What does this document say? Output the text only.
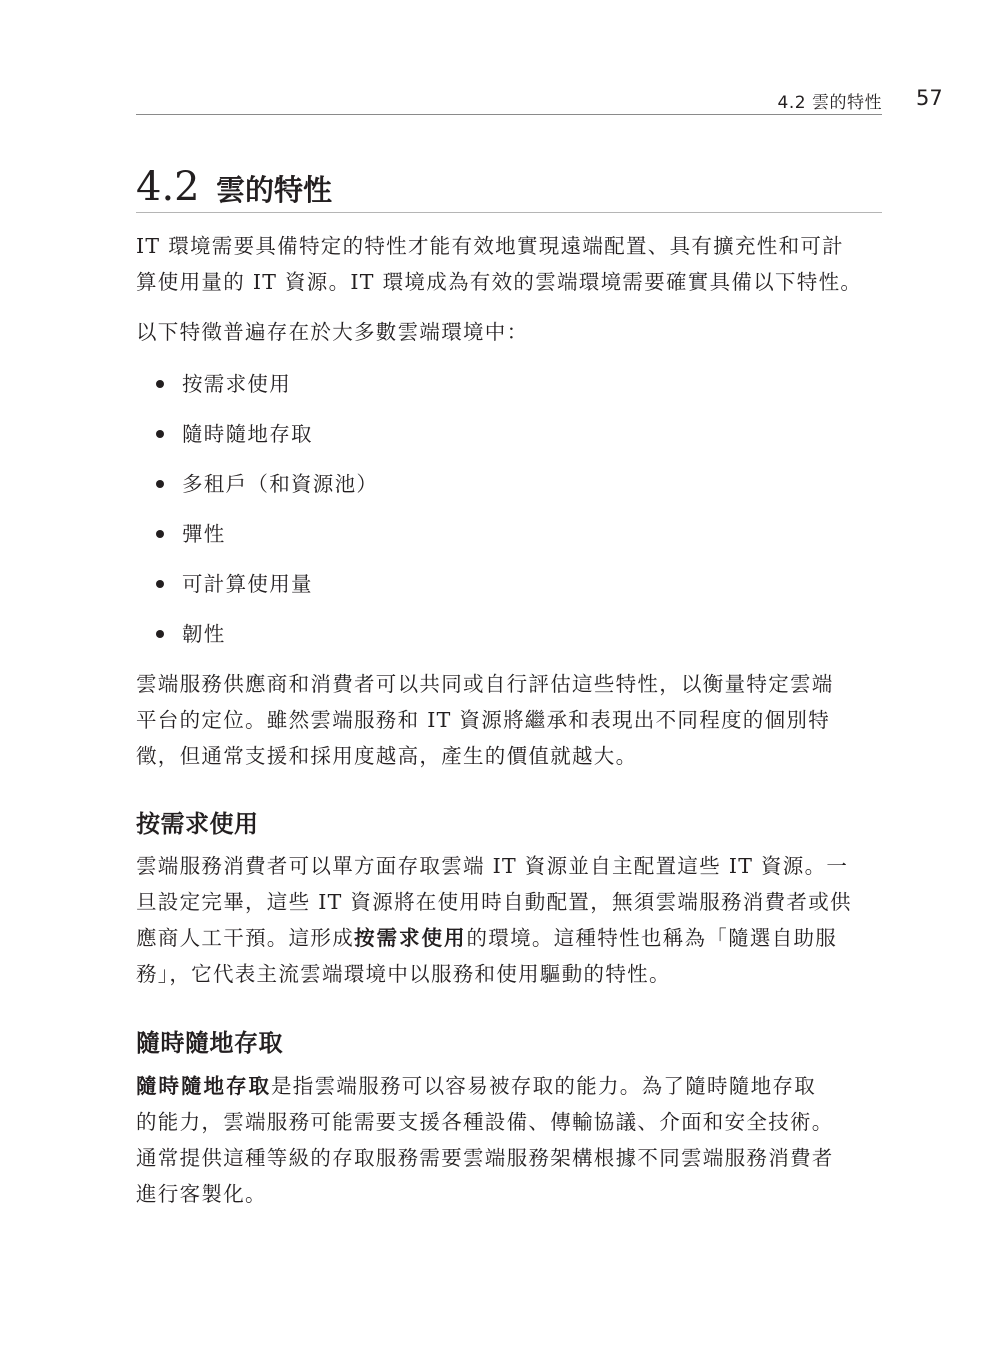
4.2 雲的特性 57
4.2 雲的特性

IT 環境需要具備特定的特性才能有效地實現遠端配置、具有擴充性和可計
算使用量的 IT 資源。IT 環境成為有效的雲端環境需要確實具備以下特性。

以下特徵普遍存在於大多數雲端環境中：

按需求使用
隨時隨地存取
多租戶（和資源池）
彈性
可計算使用量
韌性

雲端服務供應商和消費者可以共同或自行評估這些特性，以衡量特定雲端
平台的定位。雖然雲端服務和 IT 資源將繼承和表現出不同程度的個別特
徵，但通常支援和採用度越高，產生的價值就越大。

按需求使用

雲端服務消費者可以單方面存取雲端 IT 資源並自主配置這些 IT 資源。一
旦設定完畢，這些 IT 資源將在使用時自動配置，無須雲端服務消費者或供
應商人工干預。這形成按需求使用的環境。這種特性也稱為「隨選自助服
務」，它代表主流雲端環境中以服務和使用驅動的特性。

隨時隨地存取

隨時隨地存取是指雲端服務可以容易被存取的能力。為了隨時隨地存取
的能力，雲端服務可能需要支援各種設備、傳輸協議、介面和安全技術。
通常提供這種等級的存取服務需要雲端服務架構根據不同雲端服務消費者
進行客製化。
